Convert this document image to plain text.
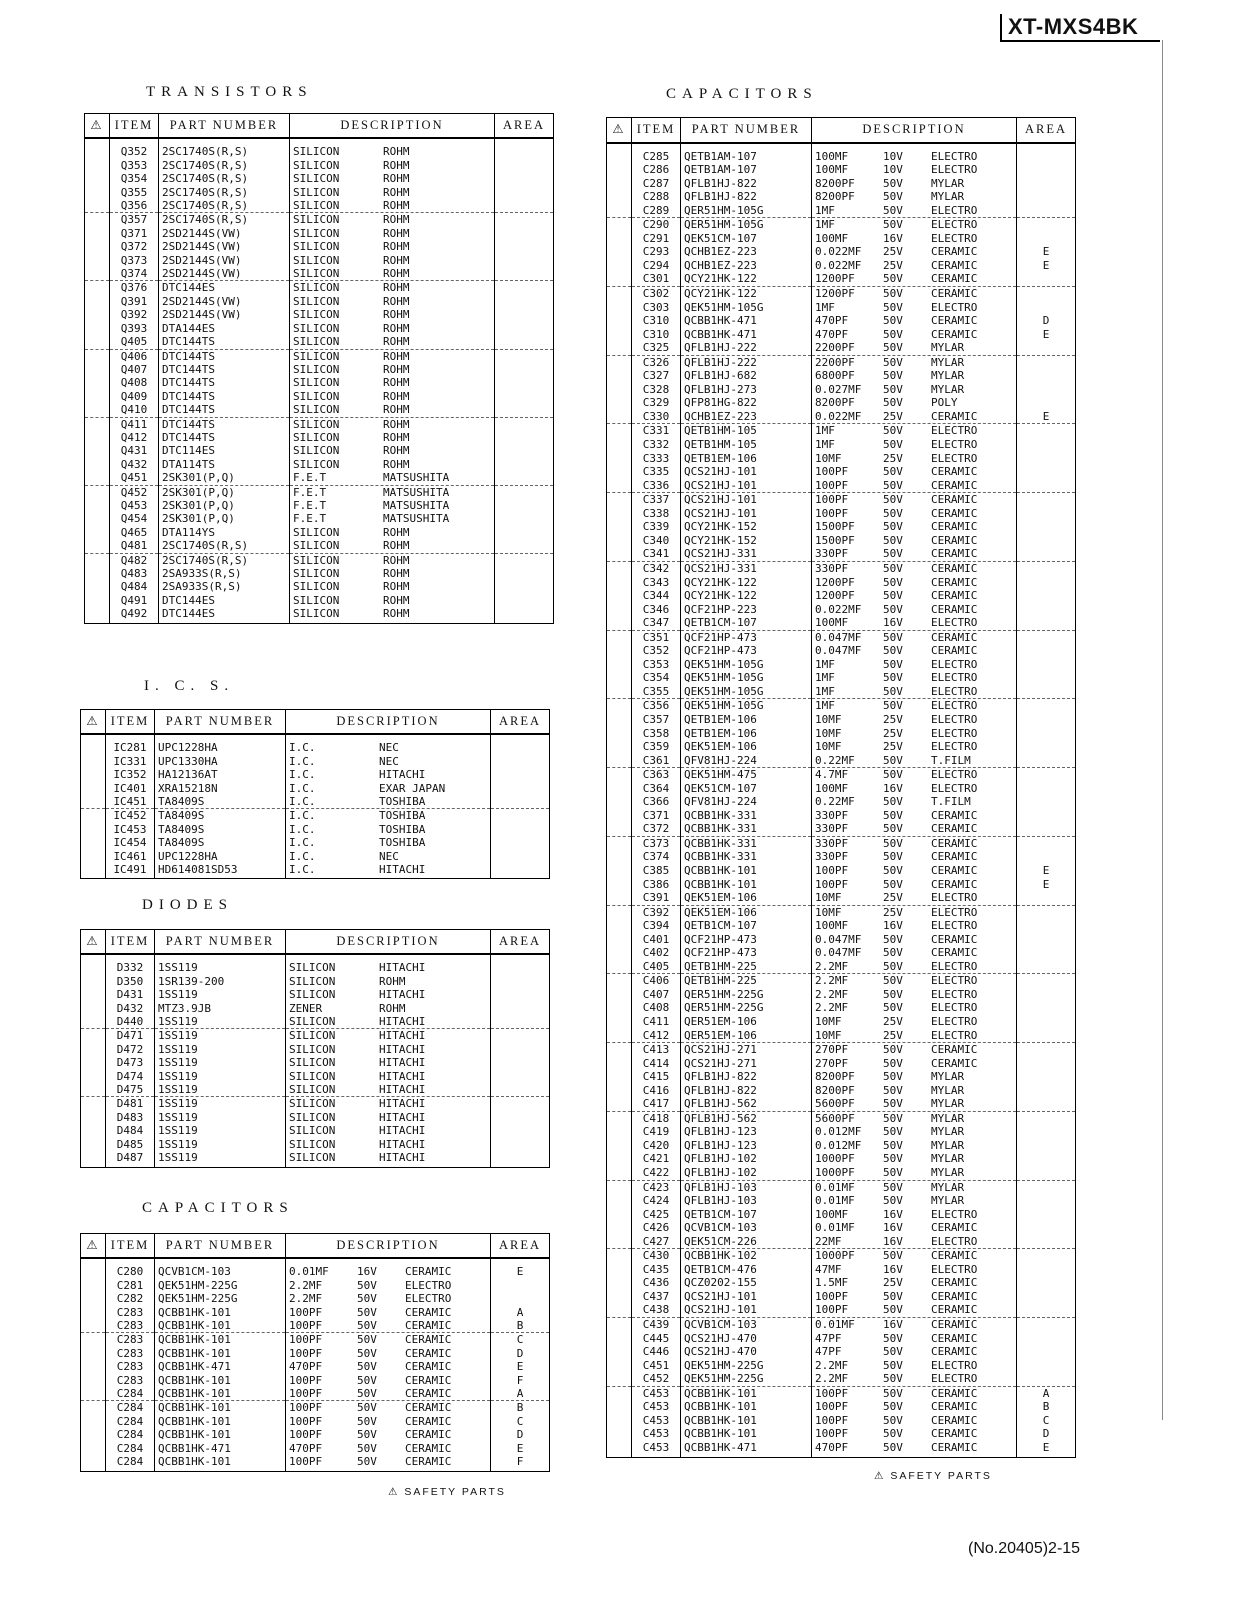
XT-MXS4BK
TRANSISTORS
⚠	ITEM	PART NUMBER	DESCRIPTION	AREA
	Q352	2SC1740S(R,S)	SILICON ROHM	
	Q353	2SC1740S(R,S)	SILICON ROHM	
	Q354	2SC1740S(R,S)	SILICON ROHM	
	Q355	2SC1740S(R,S)	SILICON ROHM	
	Q356	2SC1740S(R,S)	SILICON ROHM	
	Q357	2SC1740S(R,S)	SILICON ROHM	
	Q371	2SD2144S(VW)	SILICON ROHM	
	Q372	2SD2144S(VW)	SILICON ROHM	
	Q373	2SD2144S(VW)	SILICON ROHM	
	Q374	2SD2144S(VW)	SILICON ROHM	
	Q376	DTC144ES	SILICON ROHM	
	Q391	2SD2144S(VW)	SILICON ROHM	
	Q392	2SD2144S(VW)	SILICON ROHM	
	Q393	DTA144ES	SILICON ROHM	
	Q405	DTC144TS	SILICON ROHM	
	Q406	DTC144TS	SILICON ROHM	
	Q407	DTC144TS	SILICON ROHM	
	Q408	DTC144TS	SILICON ROHM	
	Q409	DTC144TS	SILICON ROHM	
	Q410	DTC144TS	SILICON ROHM	
	Q411	DTC144TS	SILICON ROHM	
	Q412	DTC144TS	SILICON ROHM	
	Q431	DTC114ES	SILICON ROHM	
	Q432	DTA114TS	SILICON ROHM	
	Q451	2SK301(P,Q)	F.E.T MATSUSHITA	
	Q452	2SK301(P,Q)	F.E.T MATSUSHITA	
	Q453	2SK301(P,Q)	F.E.T MATSUSHITA	
	Q454	2SK301(P,Q)	F.E.T MATSUSHITA	
	Q465	DTA114YS	SILICON ROHM	
	Q481	2SC1740S(R,S)	SILICON ROHM	
	Q482	2SC1740S(R,S)	SILICON ROHM	
	Q483	2SA933S(R,S)	SILICON ROHM	
	Q484	2SA933S(R,S)	SILICON ROHM	
	Q491	DTC144ES	SILICON ROHM	
	Q492	DTC144ES	SILICON ROHM	
I. C. S.
⚠	ITEM	PART NUMBER	DESCRIPTION	AREA
	IC281	UPC1228HA	I.C. NEC	
	IC331	UPC1330HA	I.C. NEC	
	IC352	HA12136AT	I.C. HITACHI	
	IC401	XRA15218N	I.C. EXAR JAPAN	
	IC451	TA8409S	I.C. TOSHIBA	
	IC452	TA8409S	I.C. TOSHIBA	
	IC453	TA8409S	I.C. TOSHIBA	
	IC454	TA8409S	I.C. TOSHIBA	
	IC461	UPC1228HA	I.C. NEC	
	IC491	HD614081SD53	I.C. HITACHI	
DIODES
⚠	ITEM	PART NUMBER	DESCRIPTION	AREA
	D332	1SS119	SILICON HITACHI	
	D350	1SR139-200	SILICON ROHM	
	D431	1SS119	SILICON HITACHI	
	D432	MTZ3.9JB	ZENER ROHM	
	D440	1SS119	SILICON HITACHI	
	D471	1SS119	SILICON HITACHI	
	D472	1SS119	SILICON HITACHI	
	D473	1SS119	SILICON HITACHI	
	D474	1SS119	SILICON HITACHI	
	D475	1SS119	SILICON HITACHI	
	D481	1SS119	SILICON HITACHI	
	D483	1SS119	SILICON HITACHI	
	D484	1SS119	SILICON HITACHI	
	D485	1SS119	SILICON HITACHI	
	D487	1SS119	SILICON HITACHI	
CAPACITORS
⚠	ITEM	PART NUMBER	DESCRIPTION	AREA
	C280	QCVB1CM-103	0.01MF 16V CERAMIC	E
	C281	QEK51HM-225G	2.2MF 50V ELECTRO	
	C282	QEK51HM-225G	2.2MF 50V ELECTRO	
	C283	QCBB1HK-101	100PF 50V CERAMIC	A
	C283	QCBB1HK-101	100PF 50V CERAMIC	B
	C283	QCBB1HK-101	100PF 50V CERAMIC	C
	C283	QCBB1HK-101	100PF 50V CERAMIC	D
	C283	QCBB1HK-471	470PF 50V CERAMIC	E
	C283	QCBB1HK-101	100PF 50V CERAMIC	F
	C284	QCBB1HK-101	100PF 50V CERAMIC	A
	C284	QCBB1HK-101	100PF 50V CERAMIC	B
	C284	QCBB1HK-101	100PF 50V CERAMIC	C
	C284	QCBB1HK-101	100PF 50V CERAMIC	D
	C284	QCBB1HK-471	470PF 50V CERAMIC	E
	C284	QCBB1HK-101	100PF 50V CERAMIC	F
⚠ SAFETY PARTS
CAPACITORS
⚠	ITEM	PART NUMBER	DESCRIPTION	AREA
	C285	QETB1AM-107	100MF 10V ELECTRO	
	C286	QETB1AM-107	100MF 10V ELECTRO	
	C287	QFLB1HJ-822	8200PF 50V MYLAR	
	C288	QFLB1HJ-822	8200PF 50V MYLAR	
	C289	QER51HM-105G	1MF 50V ELECTRO	
	C290	QER51HM-105G	1MF 50V ELECTRO	
	C291	QEK51CM-107	100MF 16V ELECTRO	
	C293	QCHB1EZ-223	0.022MF 25V CERAMIC	E
	C294	QCHB1EZ-223	0.022MF 25V CERAMIC	E
	C301	QCY21HK-122	1200PF 50V CERAMIC	
	C302	QCY21HK-122	1200PF 50V CERAMIC	
	C303	QEK51HM-105G	1MF 50V ELECTRO	
	C310	QCBB1HK-471	470PF 50V CERAMIC	D
	C310	QCBB1HK-471	470PF 50V CERAMIC	E
	C325	QFLB1HJ-222	2200PF 50V MYLAR	
	C326	QFLB1HJ-222	2200PF 50V MYLAR	
	C327	QFLB1HJ-682	6800PF 50V MYLAR	
	C328	QFLB1HJ-273	0.027MF 50V MYLAR	
	C329	QFP81HG-822	8200PF 50V POLY	
	C330	QCHB1EZ-223	0.022MF 25V CERAMIC	E
	C331	QETB1HM-105	1MF 50V ELECTRO	
	C332	QETB1HM-105	1MF 50V ELECTRO	
	C333	QETB1EM-106	10MF 25V ELECTRO	
	C335	QCS21HJ-101	100PF 50V CERAMIC	
	C336	QCS21HJ-101	100PF 50V CERAMIC	
	C337	QCS21HJ-101	100PF 50V CERAMIC	
	C338	QCS21HJ-101	100PF 50V CERAMIC	
	C339	QCY21HK-152	1500PF 50V CERAMIC	
	C340	QCY21HK-152	1500PF 50V CERAMIC	
	C341	QCS21HJ-331	330PF 50V CERAMIC	
	C342	QCS21HJ-331	330PF 50V CERAMIC	
	C343	QCY21HK-122	1200PF 50V CERAMIC	
	C344	QCY21HK-122	1200PF 50V CERAMIC	
	C346	QCF21HP-223	0.022MF 50V CERAMIC	
	C347	QETB1CM-107	100MF 16V ELECTRO	
	C351	QCF21HP-473	0.047MF 50V CERAMIC	
	C352	QCF21HP-473	0.047MF 50V CERAMIC	
	C353	QEK51HM-105G	1MF 50V ELECTRO	
	C354	QEK51HM-105G	1MF 50V ELECTRO	
	C355	QEK51HM-105G	1MF 50V ELECTRO	
	C356	QEK51HM-105G	1MF 50V ELECTRO	
	C357	QETB1EM-106	10MF 25V ELECTRO	
	C358	QETB1EM-106	10MF 25V ELECTRO	
	C359	QEK51EM-106	10MF 25V ELECTRO	
	C361	QFV81HJ-224	0.22MF 50V T.FILM	
	C363	QEK51HM-475	4.7MF 50V ELECTRO	
	C364	QEK51CM-107	100MF 16V ELECTRO	
	C366	QFV81HJ-224	0.22MF 50V T.FILM	
	C371	QCBB1HK-331	330PF 50V CERAMIC	
	C372	QCBB1HK-331	330PF 50V CERAMIC	
	C373	QCBB1HK-331	330PF 50V CERAMIC	
	C374	QCBB1HK-331	330PF 50V CERAMIC	
	C385	QCBB1HK-101	100PF 50V CERAMIC	E
	C386	QCBB1HK-101	100PF 50V CERAMIC	E
	C391	QEK51EM-106	10MF 25V ELECTRO	
	C392	QEK51EM-106	10MF 25V ELECTRO	
	C394	QETB1CM-107	100MF 16V ELECTRO	
	C401	QCF21HP-473	0.047MF 50V CERAMIC	
	C402	QCF21HP-473	0.047MF 50V CERAMIC	
	C405	QETB1HM-225	2.2MF 50V ELECTRO	
	C406	QETB1HM-225	2.2MF 50V ELECTRO	
	C407	QER51HM-225G	2.2MF 50V ELECTRO	
	C408	QER51HM-225G	2.2MF 50V ELECTRO	
	C411	QER51EM-106	10MF 25V ELECTRO	
	C412	QER51EM-106	10MF 25V ELECTRO	
	C413	QCS21HJ-271	270PF 50V CERAMIC	
	C414	QCS21HJ-271	270PF 50V CERAMIC	
	C415	QFLB1HJ-822	8200PF 50V MYLAR	
	C416	QFLB1HJ-822	8200PF 50V MYLAR	
	C417	QFLB1HJ-562	5600PF 50V MYLAR	
	C418	QFLB1HJ-562	5600PF 50V MYLAR	
	C419	QFLB1HJ-123	0.012MF 50V MYLAR	
	C420	QFLB1HJ-123	0.012MF 50V MYLAR	
	C421	QFLB1HJ-102	1000PF 50V MYLAR	
	C422	QFLB1HJ-102	1000PF 50V MYLAR	
	C423	QFLB1HJ-103	0.01MF 50V MYLAR	
	C424	QFLB1HJ-103	0.01MF 50V MYLAR	
	C425	QETB1CM-107	100MF 16V ELECTRO	
	C426	QCVB1CM-103	0.01MF 16V CERAMIC	
	C427	QEK51CM-226	22MF 16V ELECTRO	
	C430	QCBB1HK-102	1000PF 50V CERAMIC	
	C435	QETB1CM-476	47MF 16V ELECTRO	
	C436	QCZ0202-155	1.5MF 25V CERAMIC	
	C437	QCS21HJ-101	100PF 50V CERAMIC	
	C438	QCS21HJ-101	100PF 50V CERAMIC	
	C439	QCVB1CM-103	0.01MF 16V CERAMIC	
	C445	QCS21HJ-470	47PF 50V CERAMIC	
	C446	QCS21HJ-470	47PF 50V CERAMIC	
	C451	QEK51HM-225G	2.2MF 50V ELECTRO	
	C452	QEK51HM-225G	2.2MF 50V ELECTRO	
	C453	QCBB1HK-101	100PF 50V CERAMIC	A
	C453	QCBB1HK-101	100PF 50V CERAMIC	B
	C453	QCBB1HK-101	100PF 50V CERAMIC	C
	C453	QCBB1HK-101	100PF 50V CERAMIC	D
	C453	QCBB1HK-471	470PF 50V CERAMIC	E
⚠ SAFETY PARTS
(No.20405)2-15
